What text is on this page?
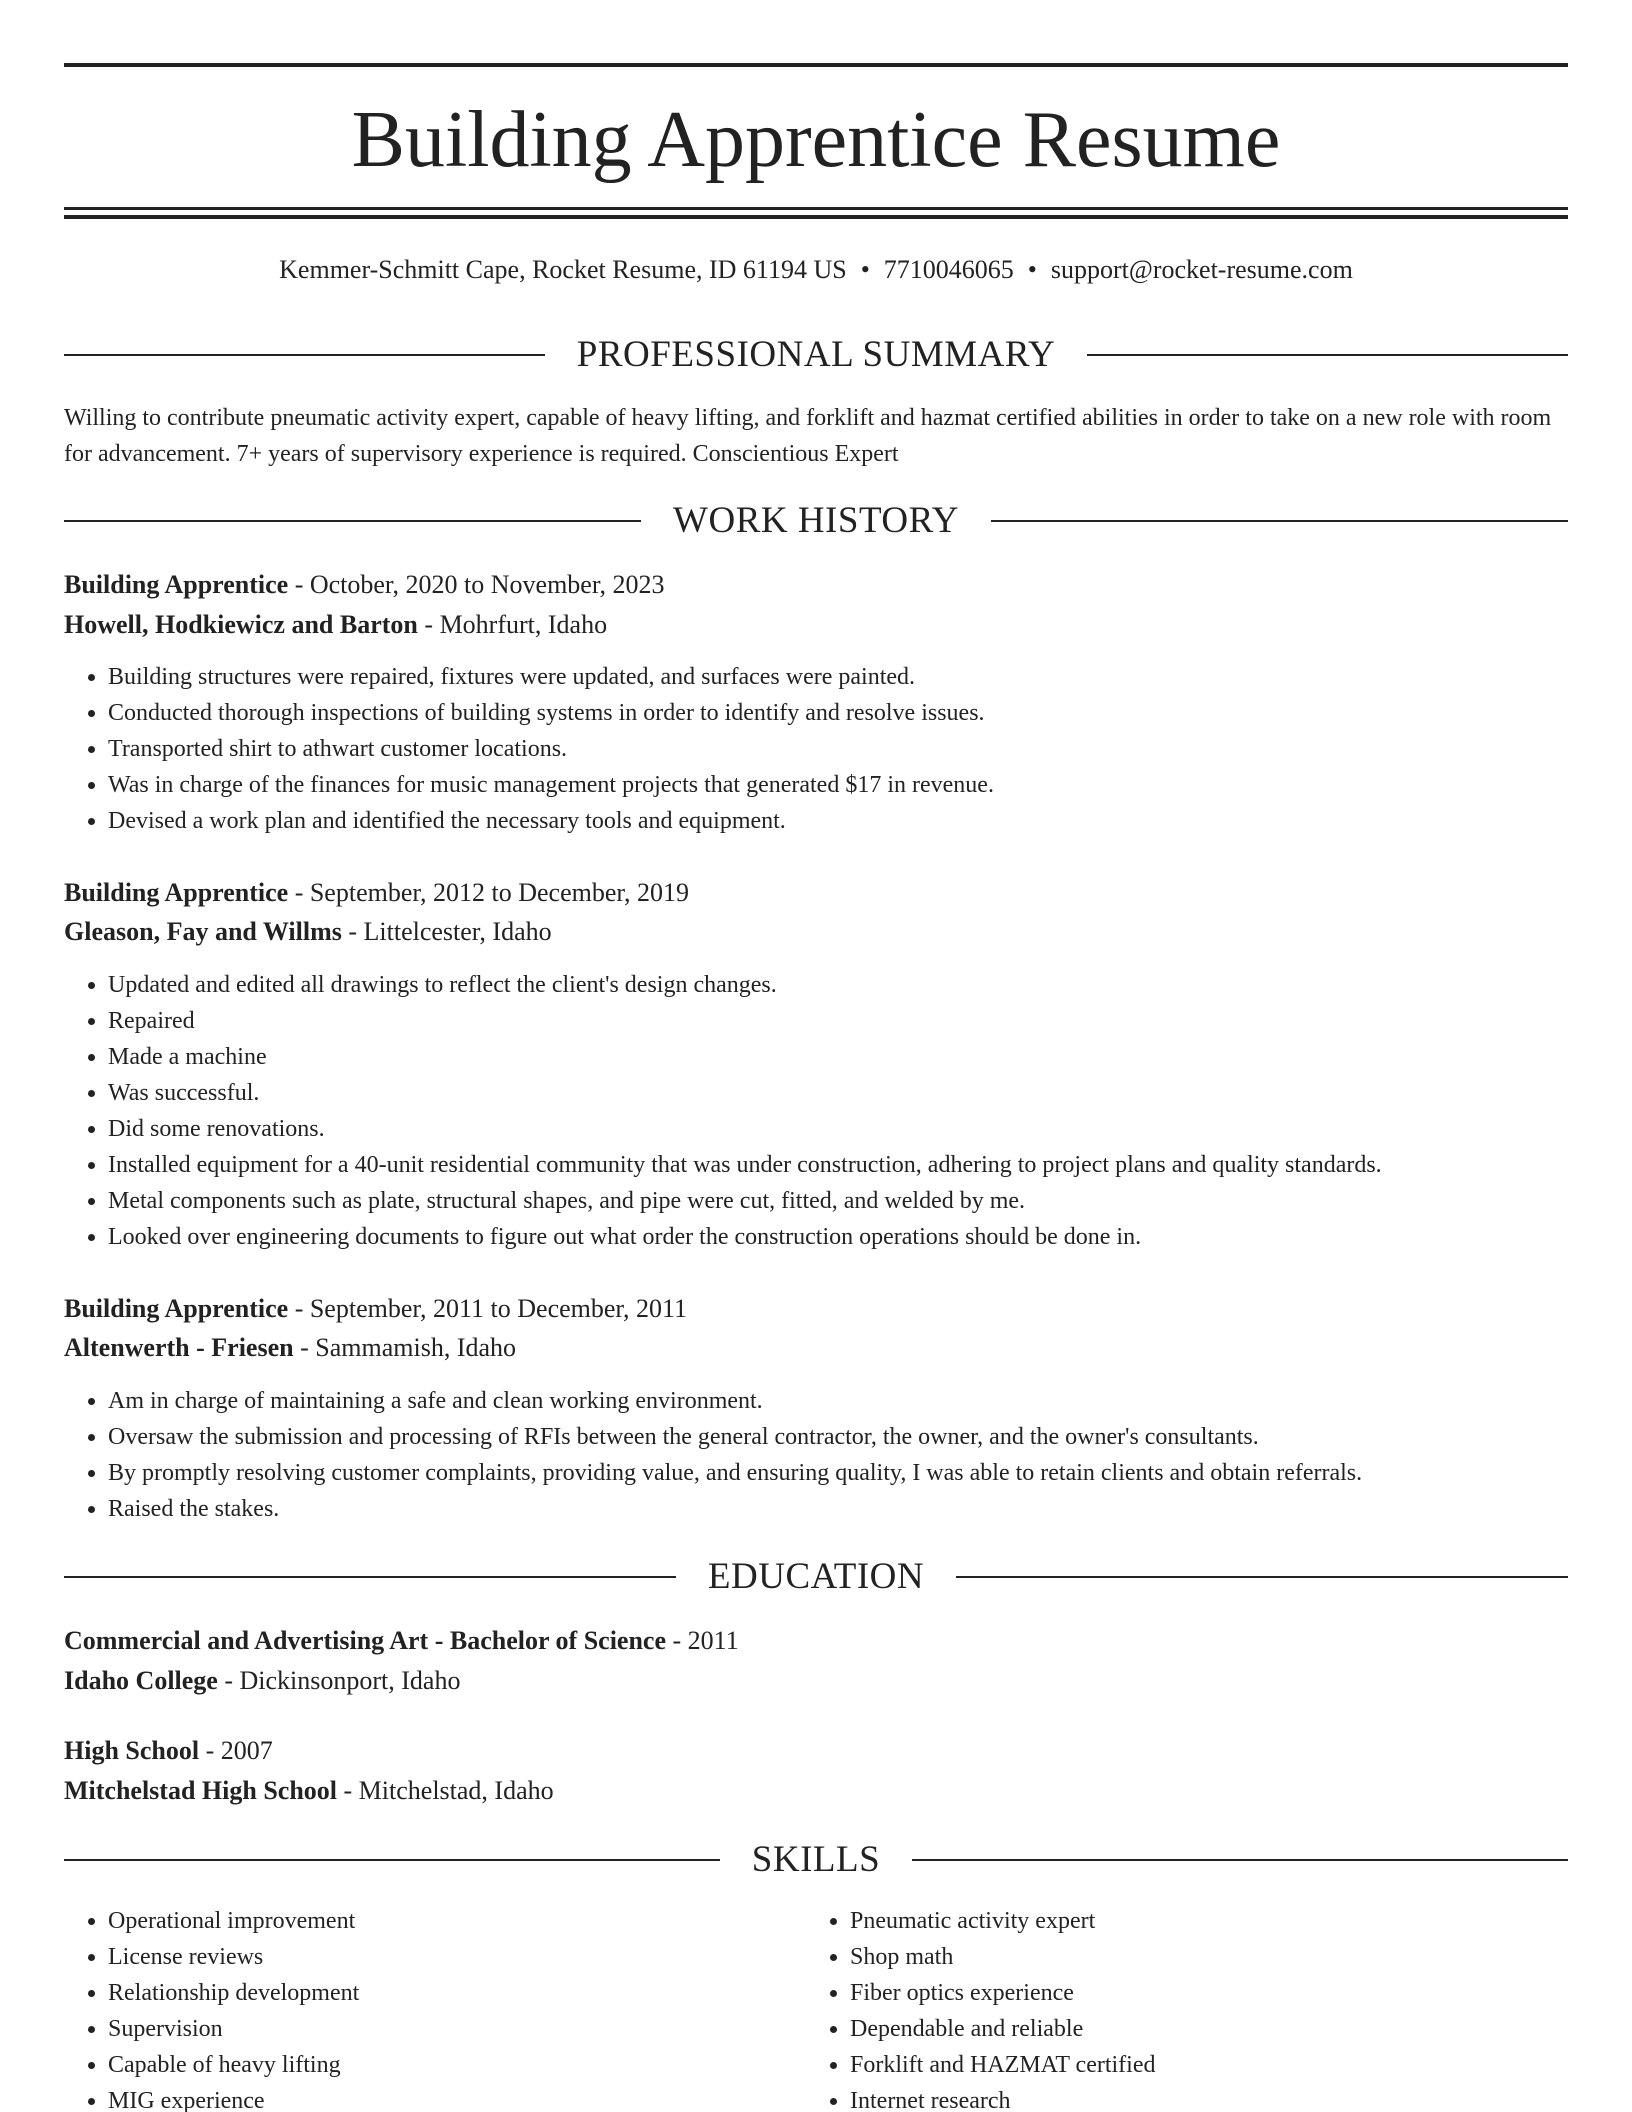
Building Apprentice Resume
Kemmer-Schmitt Cape, Rocket Resume, ID 61194 US • 7710046065 • support@rocket-resume.com
PROFESSIONAL SUMMARY
Willing to contribute pneumatic activity expert, capable of heavy lifting, and forklift and hazmat certified abilities in order to take on a new role with room for advancement. 7+ years of supervisory experience is required. Conscientious Expert
WORK HISTORY
Building Apprentice - October, 2020 to November, 2023
Howell, Hodkiewicz and Barton - Mohrfurt, Idaho
• Building structures were repaired, fixtures were updated, and surfaces were painted.
• Conducted thorough inspections of building systems in order to identify and resolve issues.
• Transported shirt to athwart customer locations.
• Was in charge of the finances for music management projects that generated $17 in revenue.
• Devised a work plan and identified the necessary tools and equipment.
Building Apprentice - September, 2012 to December, 2019
Gleason, Fay and Willms - Littelcester, Idaho
• Updated and edited all drawings to reflect the client's design changes.
• Repaired
• Made a machine
• Was successful.
• Did some renovations.
• Installed equipment for a 40-unit residential community that was under construction, adhering to project plans and quality standards.
• Metal components such as plate, structural shapes, and pipe were cut, fitted, and welded by me.
• Looked over engineering documents to figure out what order the construction operations should be done in.
Building Apprentice - September, 2011 to December, 2011
Altenwerth - Friesen - Sammamish, Idaho
• Am in charge of maintaining a safe and clean working environment.
• Oversaw the submission and processing of RFIs between the general contractor, the owner, and the owner's consultants.
• By promptly resolving customer complaints, providing value, and ensuring quality, I was able to retain clients and obtain referrals.
• Raised the stakes.
EDUCATION
Commercial and Advertising Art - Bachelor of Science - 2011
Idaho College - Dickinsonport, Idaho
High School - 2007
Mitchelstad High School - Mitchelstad, Idaho
SKILLS
• Operational improvement
• License reviews
• Relationship development
• Supervision
• Capable of heavy lifting
• MIG experience
• Pneumatic activity expert
• Shop math
• Fiber optics experience
• Dependable and reliable
• Forklift and HAZMAT certified
• Internet research
